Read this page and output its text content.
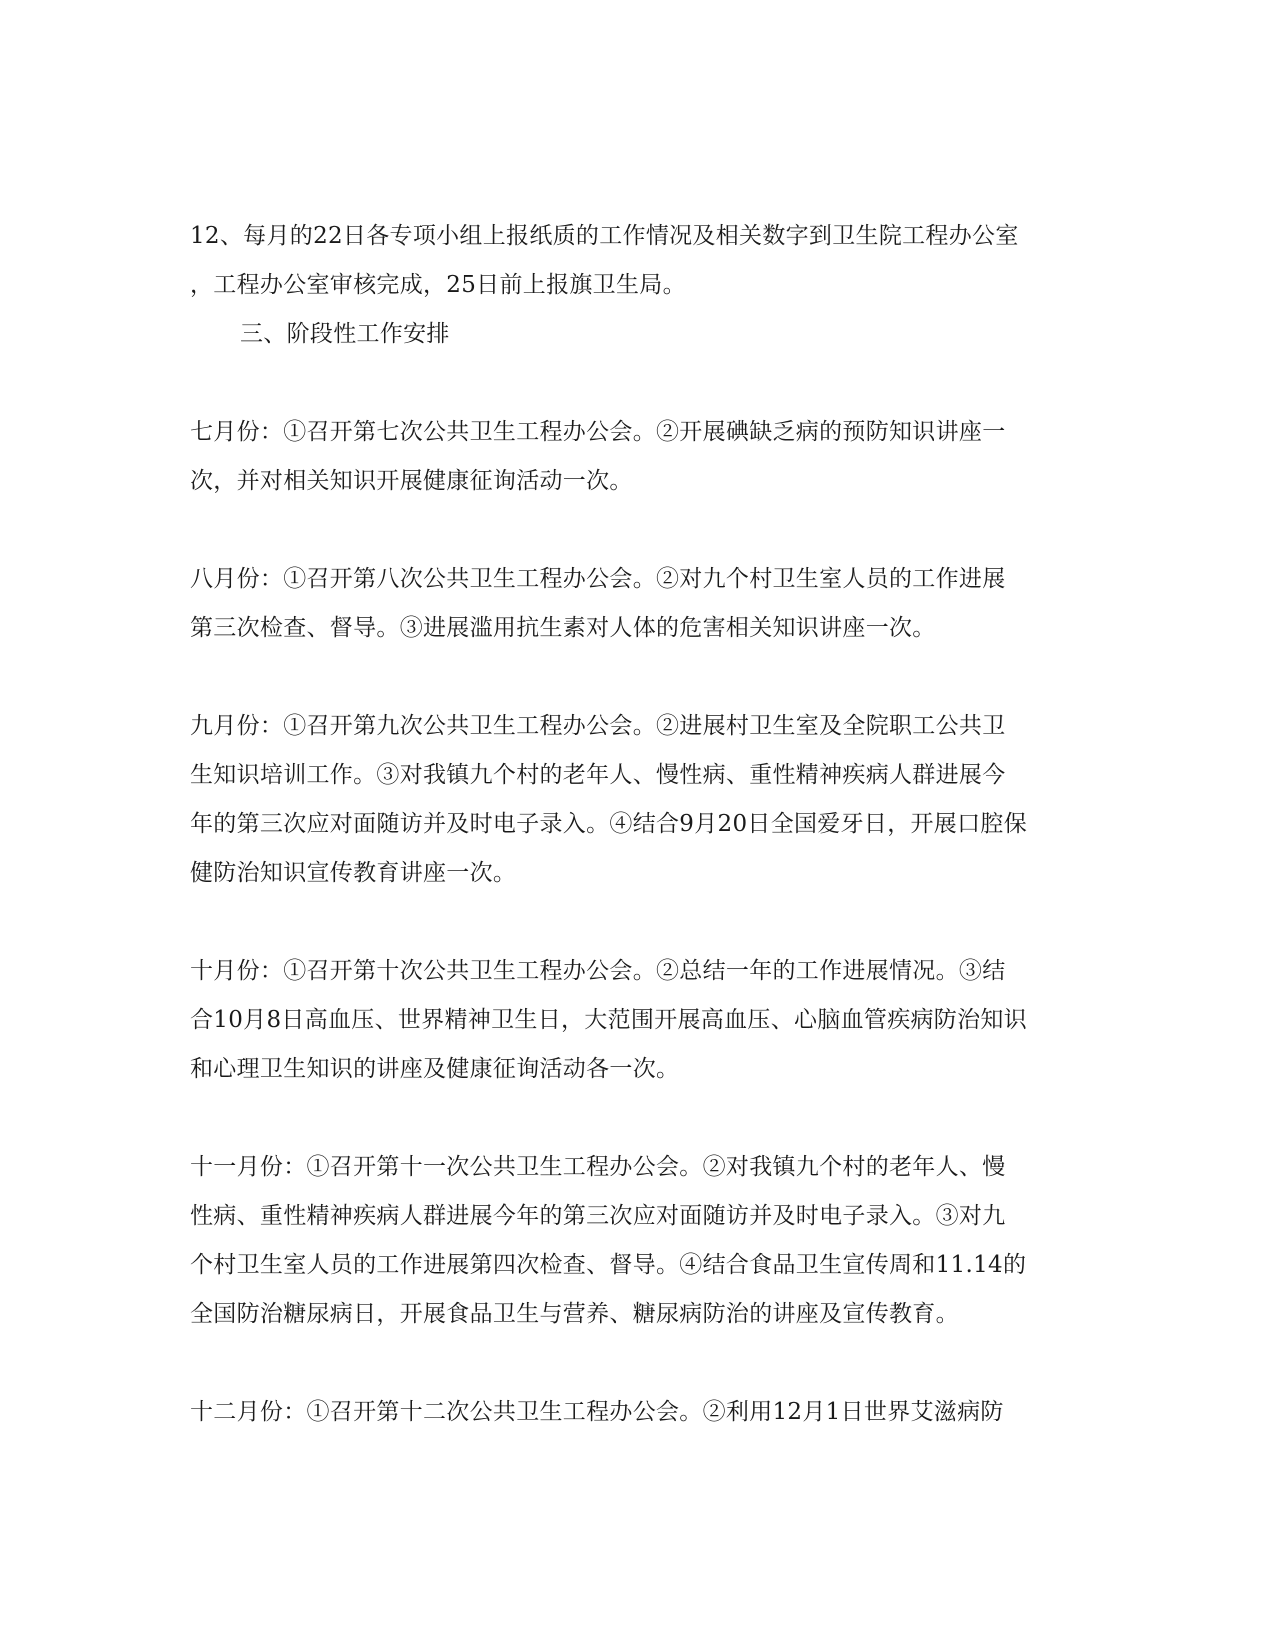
12、每月的22日各专项小组上报纸质的工作情况及相关数字到卫生院工程办公室
，工程办公室审核完成，25日前上报旗卫生局。
三、阶段性工作安排
七月份：①召开第七次公共卫生工程办公会。②开展碘缺乏病的预防知识讲座一
次，并对相关知识开展健康征询活动一次。
八月份：①召开第八次公共卫生工程办公会。②对九个村卫生室人员的工作进展
第三次检查、督导。③进展滥用抗生素对人体的危害相关知识讲座一次。
九月份：①召开第九次公共卫生工程办公会。②进展村卫生室及全院职工公共卫
生知识培训工作。③对我镇九个村的老年人、慢性病、重性精神疾病人群进展今
年的第三次应对面随访并及时电子录入。④结合9月20日全国爱牙日，开展口腔保
健防治知识宣传教育讲座一次。
十月份：①召开第十次公共卫生工程办公会。②总结一年的工作进展情况。③结
合10月8日高血压、世界精神卫生日，大范围开展高血压、心脑血管疾病防治知识
和心理卫生知识的讲座及健康征询活动各一次。
十一月份：①召开第十一次公共卫生工程办公会。②对我镇九个村的老年人、慢
性病、重性精神疾病人群进展今年的第三次应对面随访并及时电子录入。③对九
个村卫生室人员的工作进展第四次检查、督导。④结合食品卫生宣传周和11.14的
全国防治糖尿病日，开展食品卫生与营养、糖尿病防治的讲座及宣传教育。
十二月份：①召开第十二次公共卫生工程办公会。②利用12月1日世界艾滋病防
